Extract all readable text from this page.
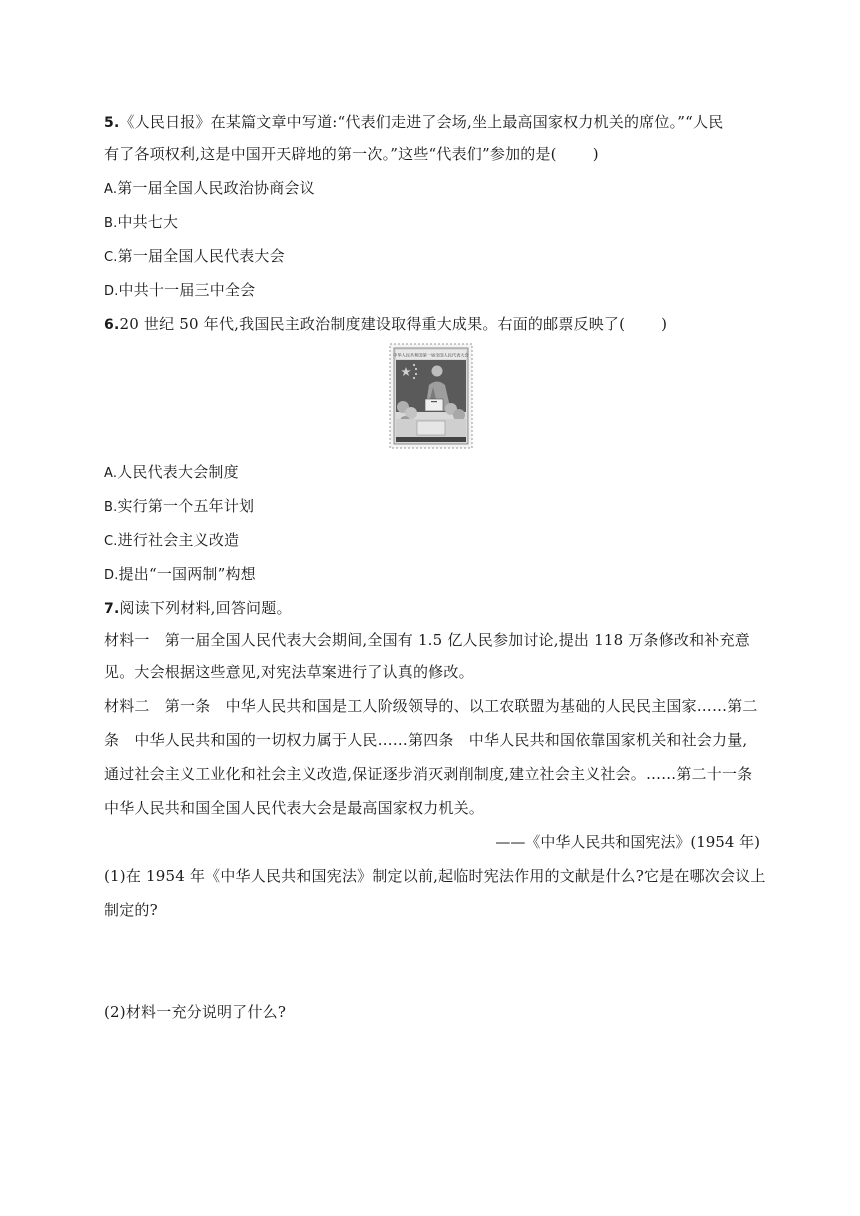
5.《人民日报》在某篇文章中写道:“代表们走进了会场,坐上最高国家权力机关的席位。”“人民
有了各项权利,这是中国开天辟地的第一次。”这些“代表们”参加的是( )
A.第一届全国人民政治协商会议
B.中共七大
C.第一届全国人民代表大会
D.中共十一届三中全会
6.20 世纪 50 年代,我国民主政治制度建设取得重大成果。右面的邮票反映了( )
中华人民共和国第一届全国人民代表大会
A.人民代表大会制度
B.实行第一个五年计划
C.进行社会主义改造
D.提出“一国两制”构想
7.阅读下列材料,回答问题。
材料一　第一届全国人民代表大会期间,全国有 1.5 亿人民参加讨论,提出 118 万条修改和补充意
见。大会根据这些意见,对宪法草案进行了认真的修改。
材料二　第一条　中华人民共和国是工人阶级领导的、以工农联盟为基础的人民民主国家……第二
条　中华人民共和国的一切权力属于人民……第四条　中华人民共和国依靠国家机关和社会力量,
通过社会主义工业化和社会主义改造,保证逐步消灭剥削制度,建立社会主义社会。……第二十一条
中华人民共和国全国人民代表大会是最高国家权力机关。
——《中华人民共和国宪法》(1954 年)
(1)在 1954 年《中华人民共和国宪法》制定以前,起临时宪法作用的文献是什么?它是在哪次会议上
制定的?
(2)材料一充分说明了什么?
